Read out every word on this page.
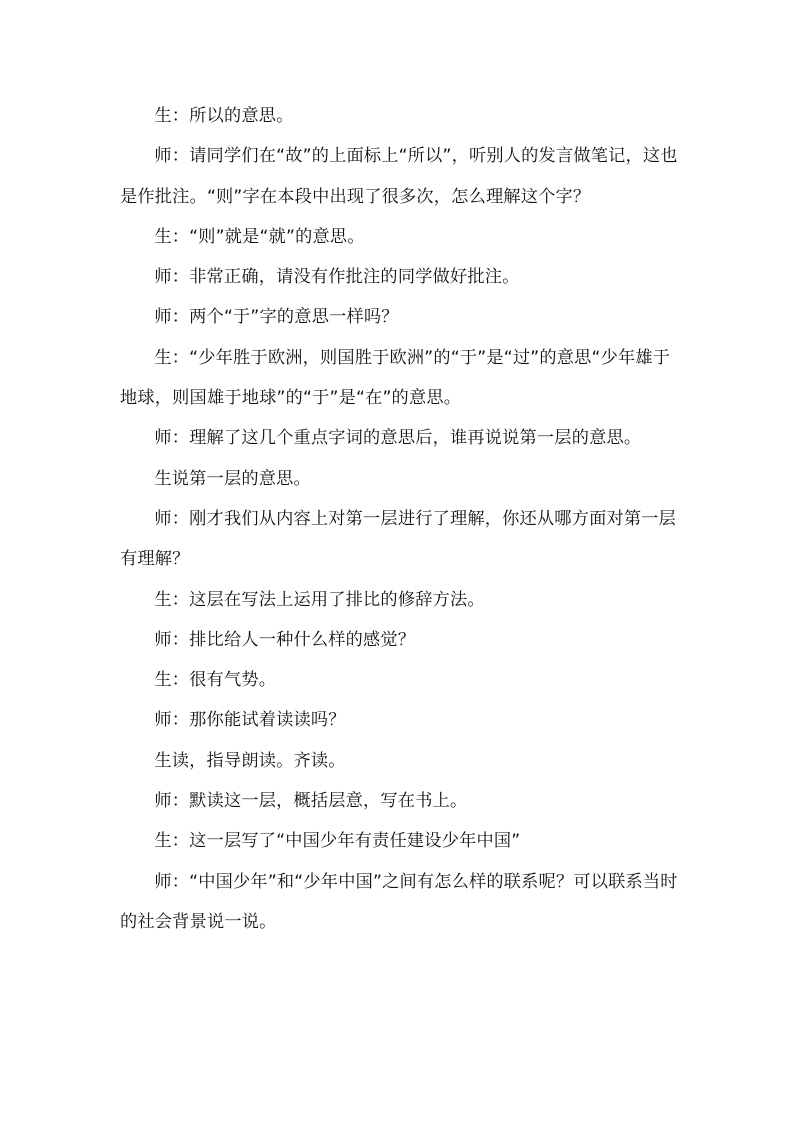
生：所以的意思。

师：请同学们在“故”的上面标上“所以”，听别人的发言做笔记，这也是作批注。“则”字在本段中出现了很多次，怎么理解这个字？

生：“则”就是“就”的意思。

师：非常正确，请没有作批注的同学做好批注。

师：两个“于”字的意思一样吗？

生：“少年胜于欧洲，则国胜于欧洲”的“于”是“过”的意思“少年雄于地球，则国雄于地球”的“于”是“在”的意思。

师：理解了这几个重点字词的意思后，谁再说说第一层的意思。

生说第一层的意思。

师：刚才我们从内容上对第一层进行了理解，你还从哪方面对第一层有理解？

生：这层在写法上运用了排比的修辞方法。

师：排比给人一种什么样的感觉？

生：很有气势。

师：那你能试着读读吗？

生读，指导朗读。齐读。

师：默读这一层，概括层意，写在书上。

生：这一层写了“中国少年有责任建设少年中国”

师：“中国少年”和“少年中国”之间有怎么样的联系呢？可以联系当时的社会背景说一说。
